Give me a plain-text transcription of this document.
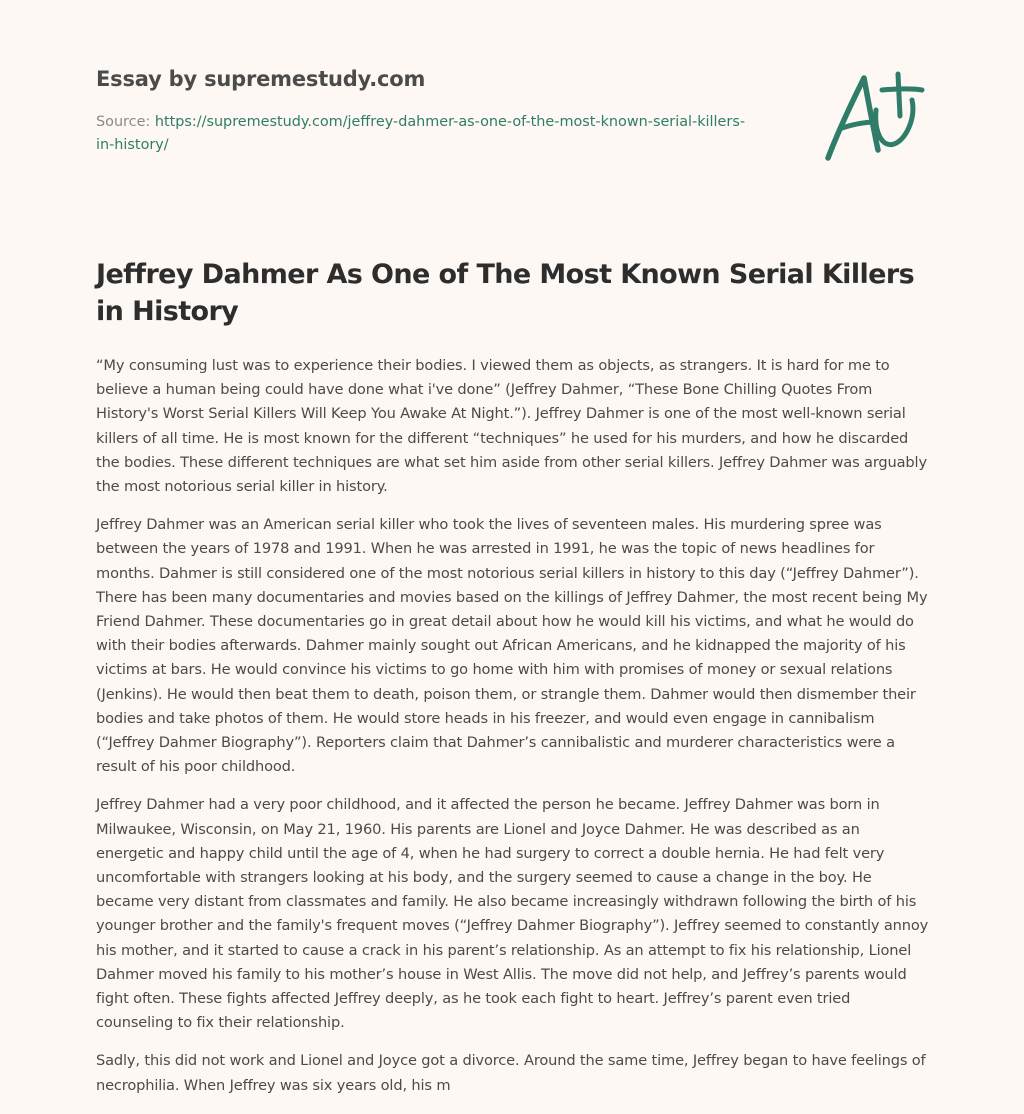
Essay by supremestudy.com
Source: https://supremestudy.com/jeffrey-dahmer-as-one-of-the-most-known-serial-killers-in-history/
Jeffrey Dahmer As One of The Most Known Serial Killers in History

“My consuming lust was to experience their bodies. I viewed them as objects, as strangers. It is hard for me to believe a human being could have done what i've done” (Jeffrey Dahmer, “These Bone Chilling Quotes From History's Worst Serial Killers Will Keep You Awake At Night.”). Jeffrey Dahmer is one of the most well-known serial killers of all time. He is most known for the different “techniques” he used for his murders, and how he discarded the bodies. These different techniques are what set him aside from other serial killers. Jeffrey Dahmer was arguably the most notorious serial killer in history.

Jeffrey Dahmer was an American serial killer who took the lives of seventeen males. His murdering spree was between the years of 1978 and 1991. When he was arrested in 1991, he was the topic of news headlines for months. Dahmer is still considered one of the most notorious serial killers in history to this day (“Jeffrey Dahmer”). There has been many documentaries and movies based on the killings of Jeffrey Dahmer, the most recent being My Friend Dahmer. These documentaries go in great detail about how he would kill his victims, and what he would do with their bodies afterwards. Dahmer mainly sought out African Americans, and he kidnapped the majority of his victims at bars. He would convince his victims to go home with him with promises of money or sexual relations (Jenkins). He would then beat them to death, poison them, or strangle them. Dahmer would then dismember their bodies and take photos of them. He would store heads in his freezer, and would even engage in cannibalism (“Jeffrey Dahmer Biography”). Reporters claim that Dahmer’s cannibalistic and murderer characteristics were a result of his poor childhood.

Jeffrey Dahmer had a very poor childhood, and it affected the person he became. Jeffrey Dahmer was born in Milwaukee, Wisconsin, on May 21, 1960. His parents are Lionel and Joyce Dahmer. He was described as an energetic and happy child until the age of 4, when he had surgery to correct a double hernia. He had felt very uncomfortable with strangers looking at his body, and the surgery seemed to cause a change in the boy. He became very distant from classmates and family. He also became increasingly withdrawn following the birth of his younger brother and the family's frequent moves (“Jeffrey Dahmer Biography”). Jeffrey seemed to constantly annoy his mother, and it started to cause a crack in his parent’s relationship. As an attempt to fix his relationship, Lionel Dahmer moved his family to his mother’s house in West Allis. The move did not help, and Jeffrey’s parents would fight often. These fights affected Jeffrey deeply, as he took each fight to heart. Jeffrey’s parent even tried counseling to fix their relationship.

Sadly, this did not work and Lionel and Joyce got a divorce. Around the same time, Jeffrey began to have feelings of necrophilia. When Jeffrey was six years old, his m
